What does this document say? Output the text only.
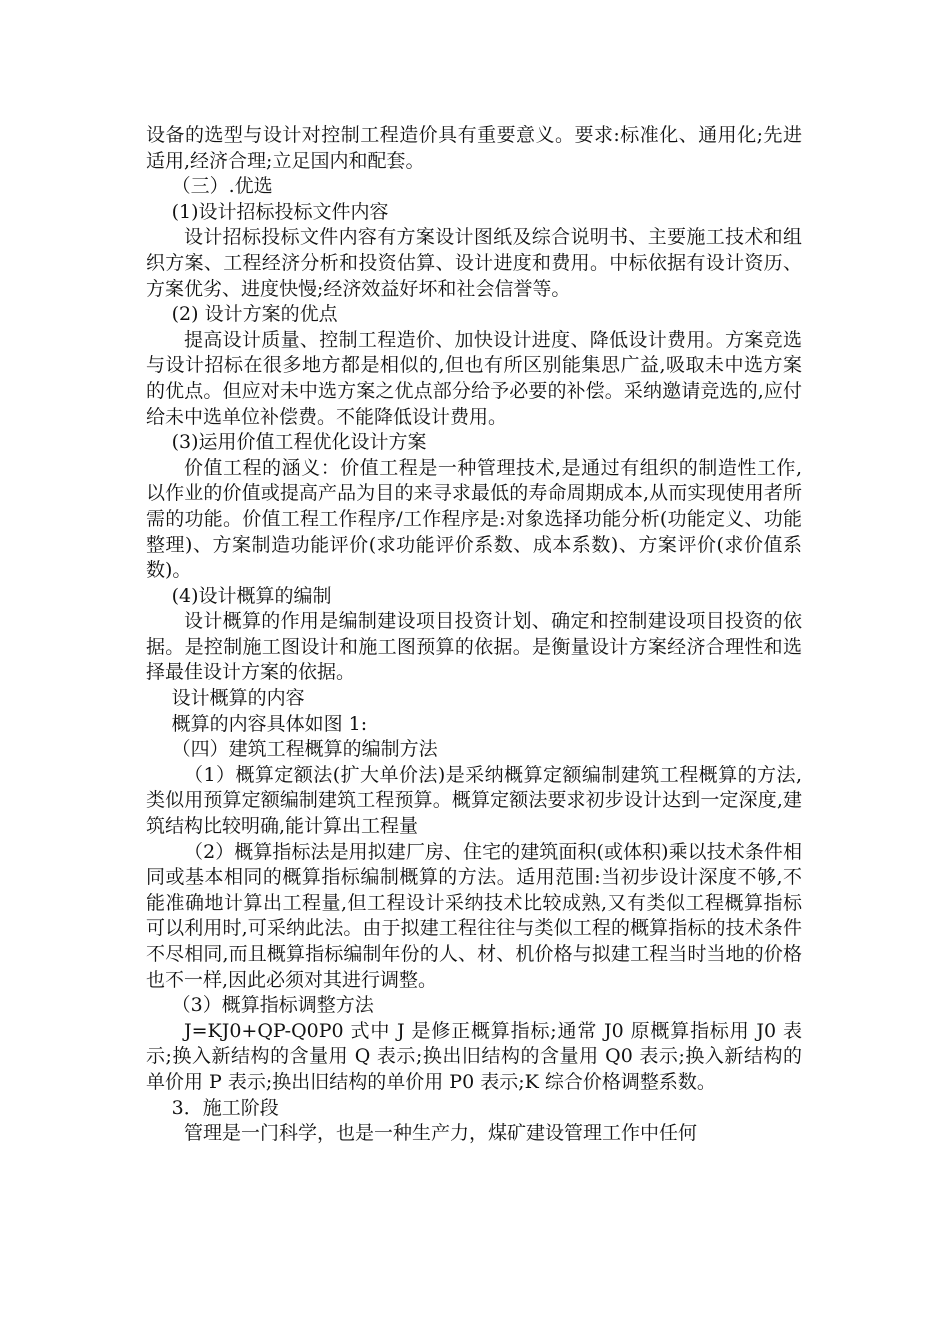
设备的选型与设计对控制工程造价具有重要意义。要求:标准化、通用化;先进适用,经济合理;立足国内和配套。

（三）.优选

(1)设计招标投标文件内容

设计招标投标文件内容有方案设计图纸及综合说明书、主要施工技术和组织方案、工程经济分析和投资估算、设计进度和费用。中标依据有设计资历、方案优劣、进度快慢;经济效益好坏和社会信誉等。

(2) 设计方案的优点

提高设计质量、控制工程造价、加快设计进度、降低设计费用。方案竞选与设计招标在很多地方都是相似的,但也有所区别能集思广益,吸取未中选方案的优点。但应对未中选方案之优点部分给予必要的补偿。采纳邀请竞选的,应付给未中选单位补偿费。不能降低设计费用。

(3)运用价值工程优化设计方案

价值工程的涵义：价值工程是一种管理技术,是通过有组织的制造性工作,以作业的价值或提高产品为目的来寻求最低的寿命周期成本,从而实现使用者所需的功能。价值工程工作程序/工作程序是:对象选择功能分析(功能定义、功能整理)、方案制造功能评价(求功能评价系数、成本系数)、方案评价(求价值系数)。

(4)设计概算的编制

设计概算的作用是编制建设项目投资计划、确定和控制建设项目投资的依据。是控制施工图设计和施工图预算的依据。是衡量设计方案经济合理性和选择最佳设计方案的依据。

设计概算的内容

概算的内容具体如图 1:

（四）建筑工程概算的编制方法

（1）概算定额法(扩大单价法)是采纳概算定额编制建筑工程概算的方法,类似用预算定额编制建筑工程预算。概算定额法要求初步设计达到一定深度,建筑结构比较明确,能计算出工程量

（2）概算指标法是用拟建厂房、住宅的建筑面积(或体积)乘以技术条件相同或基本相同的概算指标编制概算的方法。适用范围:当初步设计深度不够,不能准确地计算出工程量,但工程设计采纳技术比较成熟,又有类似工程概算指标可以利用时,可采纳此法。由于拟建工程往往与类似工程的概算指标的技术条件不尽相同,而且概算指标编制年份的人、材、机价格与拟建工程当时当地的价格也不一样,因此必须对其进行调整。

（3）概算指标调整方法

J=KJ0+QP-Q0P0 式中 J 是修正概算指标;通常 J0 原概算指标用 J0 表示;换入新结构的含量用 Q 表示;换出旧结构的含量用 Q0 表示;换入新结构的单价用 P 表示;换出旧结构的单价用 P0 表示;K 综合价格调整系数。

3．施工阶段

管理是一门科学，也是一种生产力，煤矿建设管理工作中任何
